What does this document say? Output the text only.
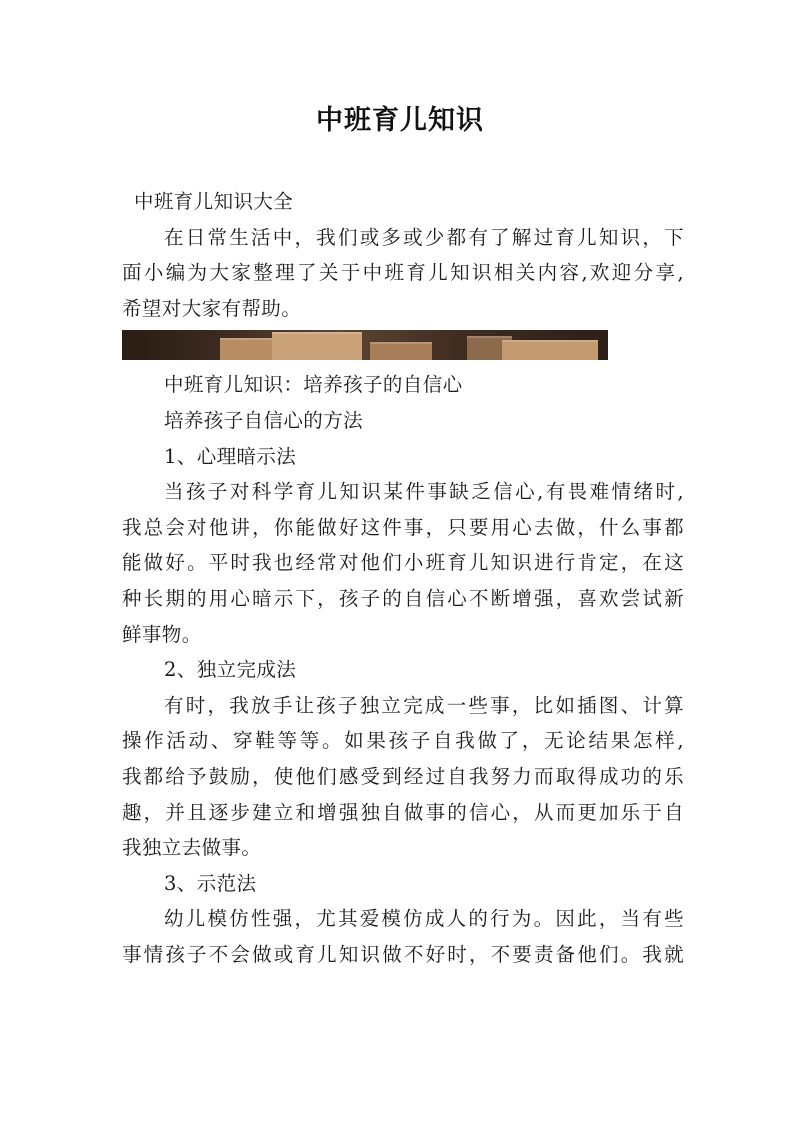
中班育儿知识
中班育儿知识大全
在日常生活中，我们或多或少都有了解过育儿知识，下
面小编为大家整理了关于中班育儿知识相关内容,欢迎分享,
希望对大家有帮助。
中班育儿知识：培养孩子的自信心
培养孩子自信心的方法
1、心理暗示法
当孩子对科学育儿知识某件事缺乏信心,有畏难情绪时,
我总会对他讲，你能做好这件事，只要用心去做，什么事都
能做好。平时我也经常对他们小班育儿知识进行肯定，在这
种长期的用心暗示下，孩子的自信心不断增强，喜欢尝试新
鲜事物。
2、独立完成法
有时，我放手让孩子独立完成一些事，比如插图、计算
操作活动、穿鞋等等。如果孩子自我做了，无论结果怎样,
我都给予鼓励，使他们感受到经过自我努力而取得成功的乐
趣，并且逐步建立和增强独自做事的信心，从而更加乐于自
我独立去做事。
3、示范法
幼儿模仿性强，尤其爱模仿成人的行为。因此，当有些
事情孩子不会做或育儿知识做不好时，不要责备他们。我就
